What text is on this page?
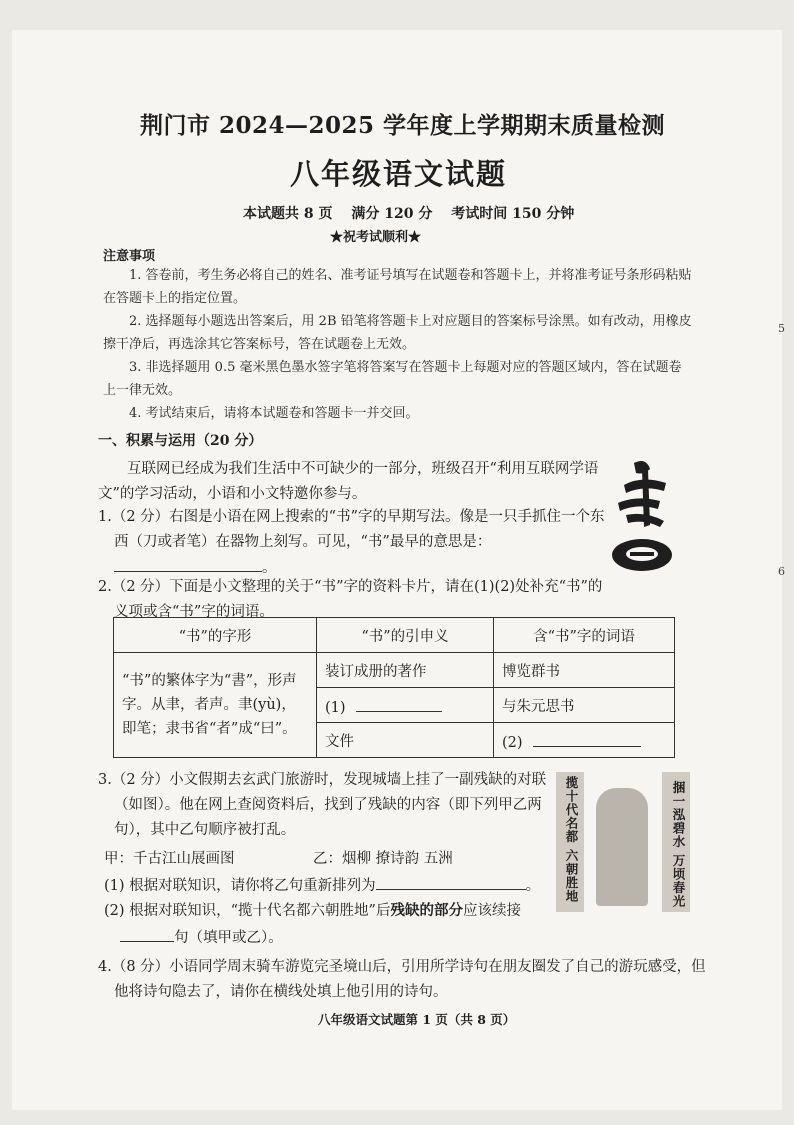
荆门市 2024—2025 学年度上学期期末质量检测
八年级语文试题
本试题共 8 页 满分 120 分 考试时间 150 分钟
★祝考试顺利★
注意事项
1. 答卷前，考生务必将自己的姓名、准考证号填写在试题卷和答题卡上，并将准考证号条形码粘贴在答题卡上的指定位置。
2. 选择题每小题选出答案后，用 2B 铅笔将答题卡上对应题目的答案标号涂黑。如有改动，用橡皮擦干净后，再选涂其它答案标号，答在试题卷上无效。
3. 非选择题用 0.5 毫米黑色墨水签字笔将答案写在答题卡上每题对应的答题区域内，答在试题卷上一律无效。
4. 考试结束后，请将本试题卷和答题卡一并交回。
一、积累与运用（20 分）
互联网已经成为我们生活中不可缺少的一部分，班级召开“利用互联网学语文”的学习活动，小语和小文特邀你参与。
1.（2 分）右图是小语在网上搜索的“书”字的早期写法。像是一只手抓住一个东西（刀或者笔）在器物上刻写。可见，“书”最早的意思是： 。
2.（2 分）下面是小文整理的关于“书”字的资料卡片，请在(1)(2)处补充“书”的义项或含“书”字的词语。
“书”的字形	“书”的引申义	含“书”字的词语
“书”的繁体字为“書”，形声字。从聿，者声。聿(yù)，即笔；隶书省“者”成“曰”。	装订成册的著作	博览群书
	(1)	与朱元思书
	文件	(2)
3.（2 分）小文假期去玄武门旅游时，发现城墙上挂了一副残缺的对联（如图）。他在网上查阅资料后，找到了残缺的内容（即下列甲乙两句），其中乙句顺序被打乱。
甲：千古江山展画图	乙：烟柳 撩诗韵 五洲
(1) 根据对联知识，请你将乙句重新排列为	。
(2) 根据对联知识，“揽十代名都六朝胜地”后残缺的部分应该续接
句（填甲或乙）。
揽十代名都 六朝胜地	捆一泓碧水 万顷春光
4.（8 分）小语同学周末骑车游览完圣境山后，引用所学诗句在朋友圈发了自己的游玩感受，但他将诗句隐去了，请你在横线处填上他引用的诗句。
八年级语文试题第 1 页（共 8 页）
5
6
